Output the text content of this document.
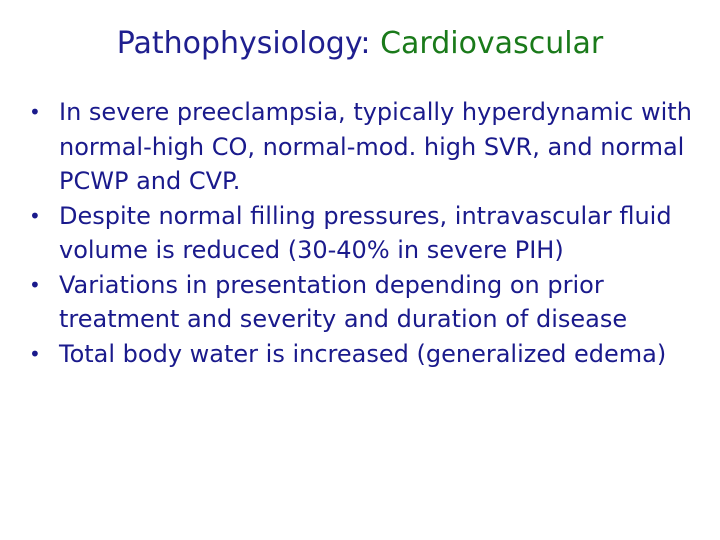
Pathophysiology: Cardiovascular
• In severe preeclampsia, typically hyperdynamic with normal-high CO, normal-mod. high SVR, and normal PCWP and CVP.
• Despite normal filling pressures, intravascular fluid volume is reduced (30-40% in severe PIH)
• Variations in presentation depending on prior treatment and severity and duration of disease
• Total body water is increased (generalized edema)
